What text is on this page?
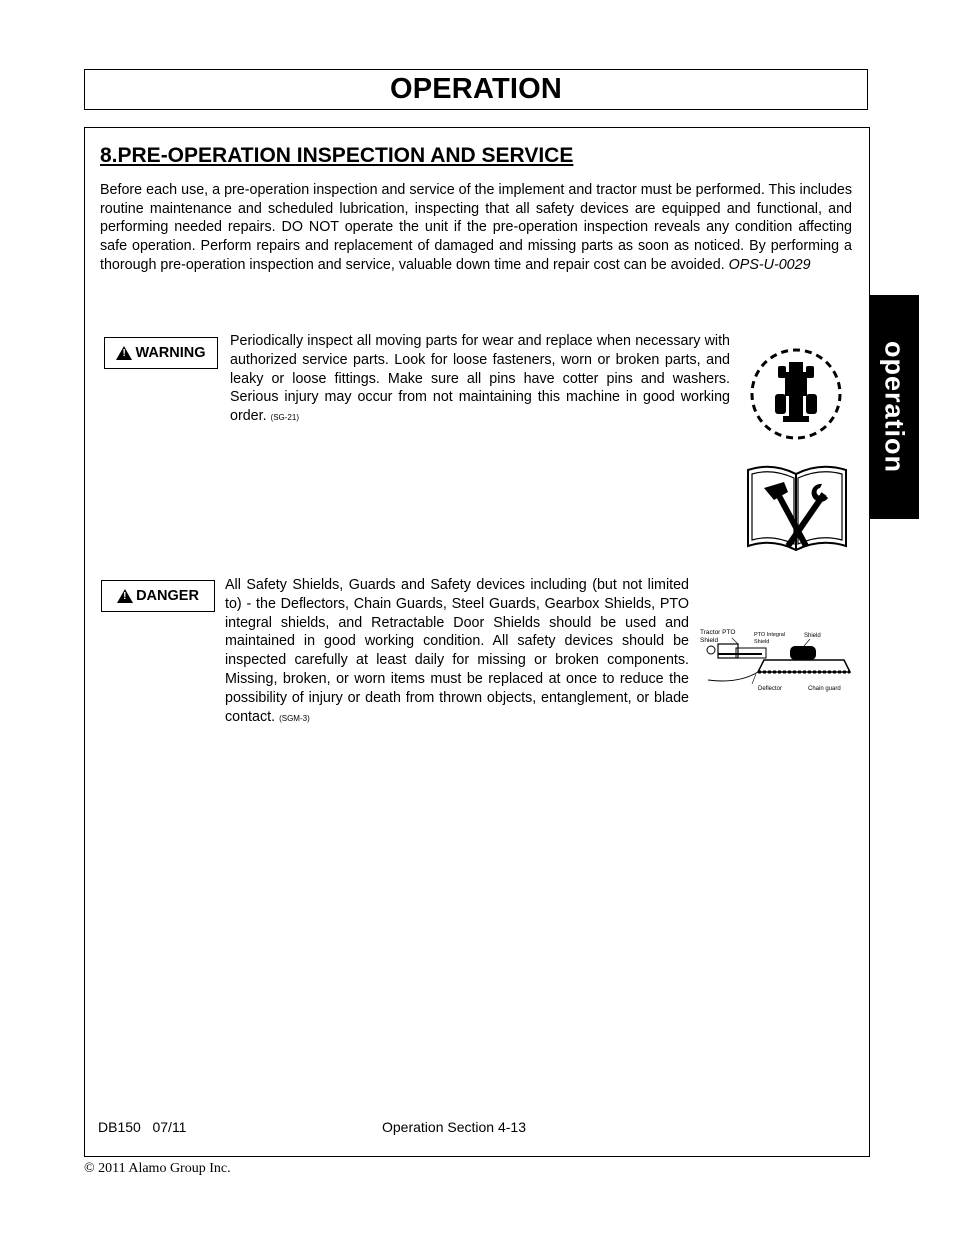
OPERATION
8.PRE-OPERATION INSPECTION AND SERVICE
Before each use, a pre-operation inspection and service of the implement and tractor must be performed. This includes routine maintenance and scheduled lubrication, inspecting that all safety devices are equipped and functional, and performing needed repairs. DO NOT operate the unit if the pre-operation inspection reveals any condition affecting safe operation. Perform repairs and replacement of damaged and missing parts as soon as noticed. By performing a thorough pre-operation inspection and service, valuable down time and repair cost can be avoided. OPS-U-0029
!
WARNING
Periodically inspect all moving parts for wear and replace when necessary with authorized service parts. Look for loose fasteners, worn or broken parts, and leaky or loose fittings. Make sure all pins have cotter pins and washers. Serious injury may occur from not maintaining this machine in good working order. (SG-21)
!
DANGER
All Safety Shields, Guards and Safety devices including (but not limited to) - the Deflectors, Chain Guards, Steel Guards, Gearbox Shields, PTO integral shields, and Retractable Door Shields should be used and maintained in good working condition. All safety devices should be inspected carefully at least daily for missing or broken components. Missing, broken, or worn items must be replaced at once to reduce the possibility of injury or death from thrown objects, entanglement, or blade contact. (SGM-3)
Tractor PTO
Shield
PTO Integral
Shield
Shield
Deflector	Chain guard
operation
DB150   07/11	Operation Section 4-13
© 2011 Alamo Group Inc.
